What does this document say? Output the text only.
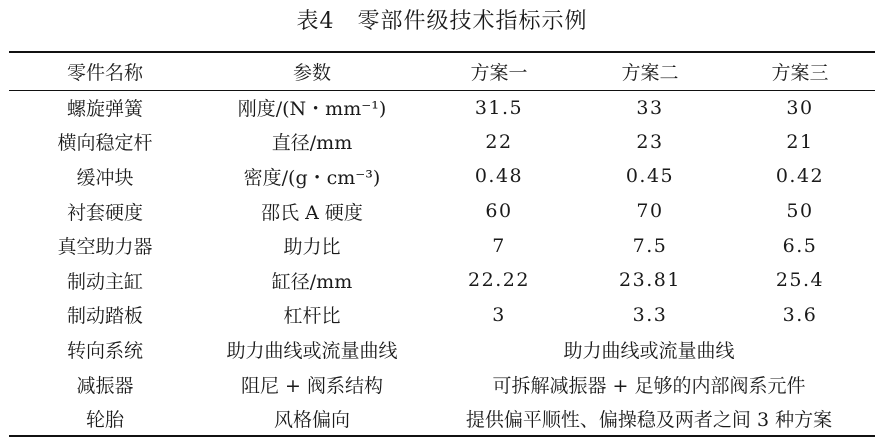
表4　零部件级技术指标示例
零件名称	参数	方案一	方案二	方案三
螺旋弹簧	刚度/(N・mm⁻¹)	31.5	33	30
横向稳定杆	直径/mm	22	23	21
缓冲块	密度/(g・cm⁻³)	0.48	0.45	0.42
衬套硬度	邵氏 A 硬度	60	70	50
真空助力器	助力比	7	7.5	6.5
制动主缸	缸径/mm	22.22	23.81	25.4
制动踏板	杠杆比	3	3.3	3.6
转向系统	助力曲线或流量曲线	助力曲线或流量曲线		
减振器	阻尼 + 阀系结构	可拆解减振器 + 足够的内部阀系元件		
轮胎	风格偏向	提供偏平顺性、偏操稳及两者之间 3 种方案		
